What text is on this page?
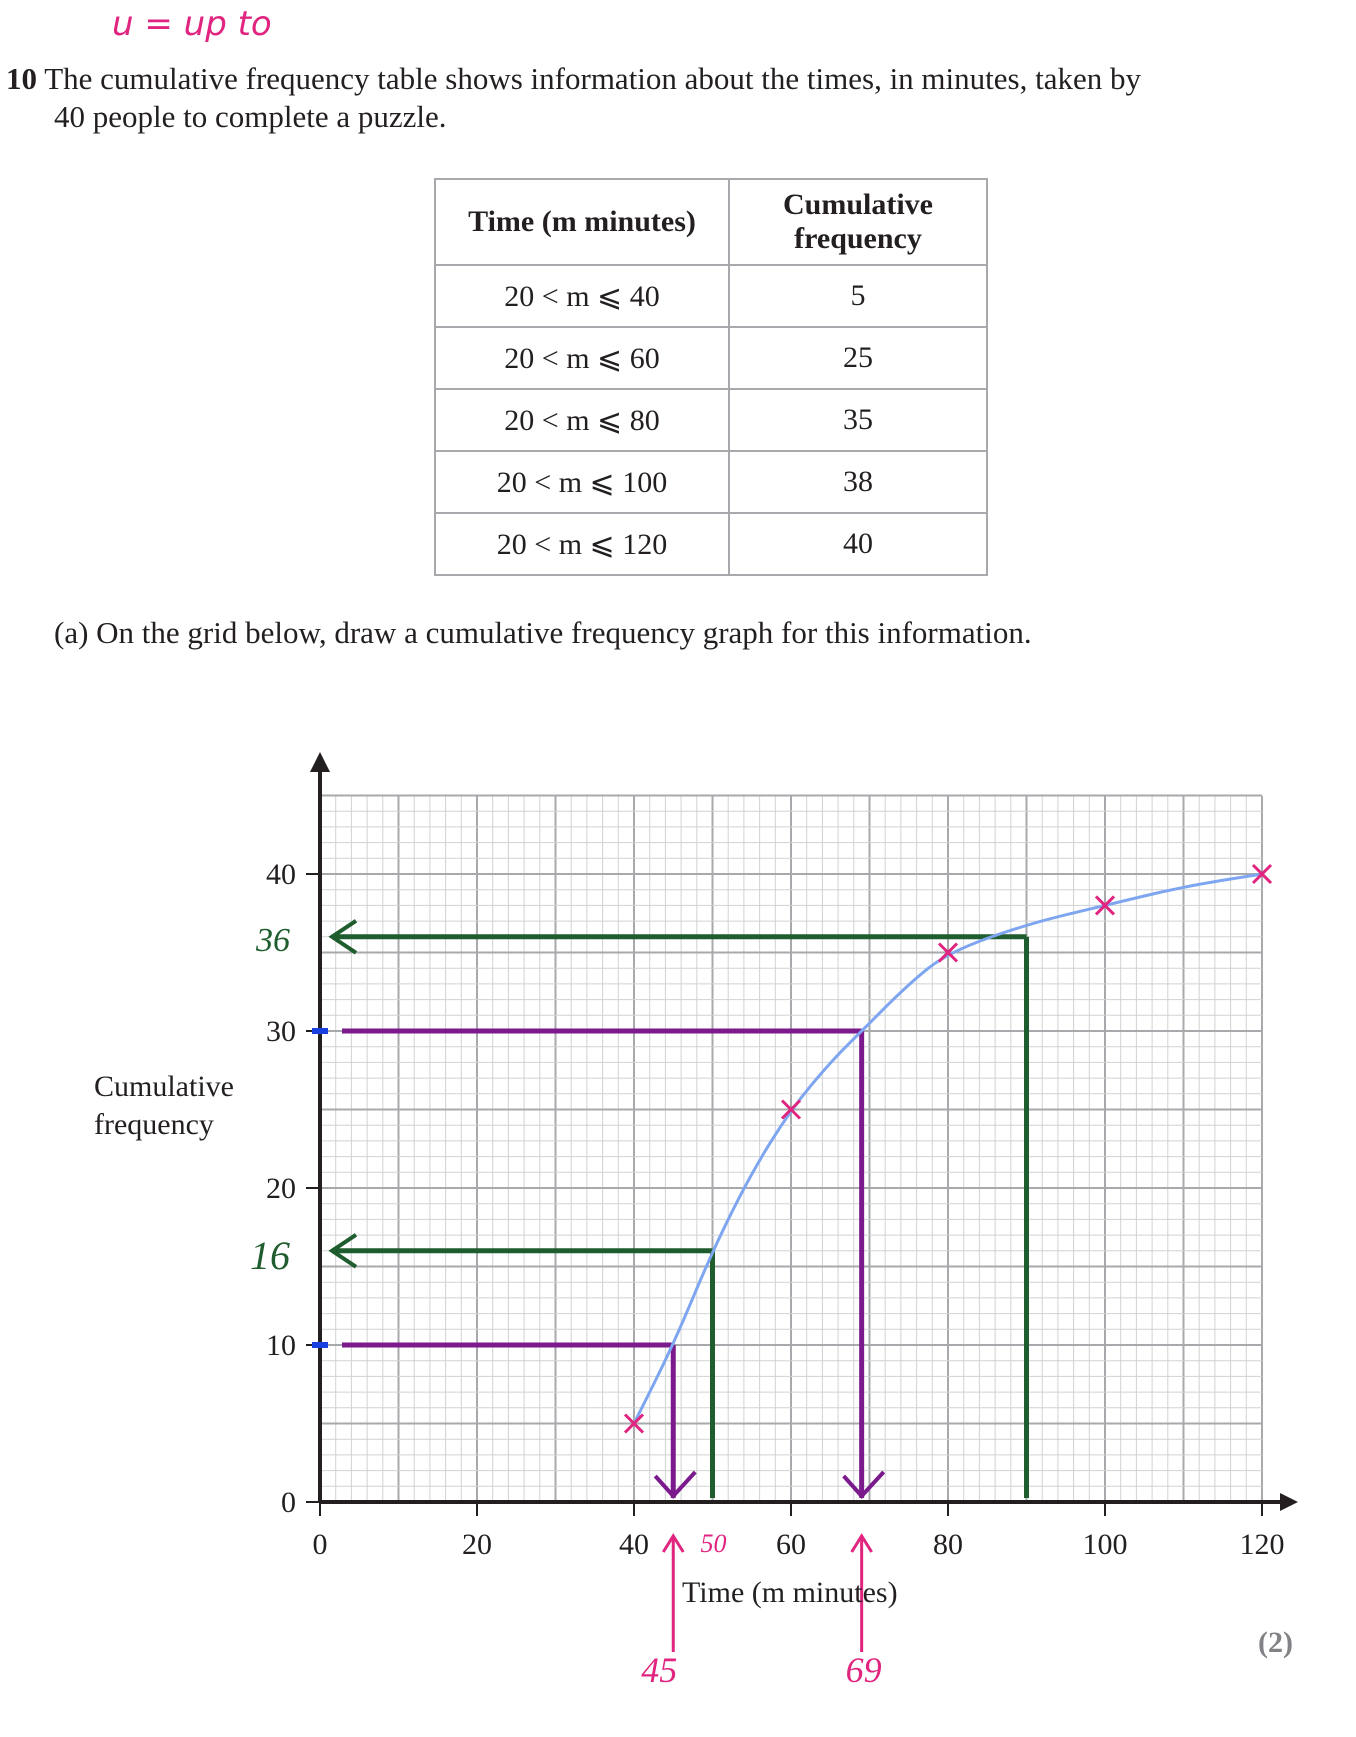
u = up to
10 The cumulative frequency table shows information about the times, in minutes, taken by
40 people to complete a puzzle.
Time (m minutes)	Cumulative frequency
20 < m ⩽ 40	5
20 < m ⩽ 60	25
20 < m ⩽ 80	35
20 < m ⩽ 100	38
20 < m ⩽ 120	40
(a) On the grid below, draw a cumulative frequency graph for this information.
Cumulative frequency
0
10
20
30
40
0	20	40	60	80	100	120
36
16
50
45	69
Time (m minutes)
(2)
